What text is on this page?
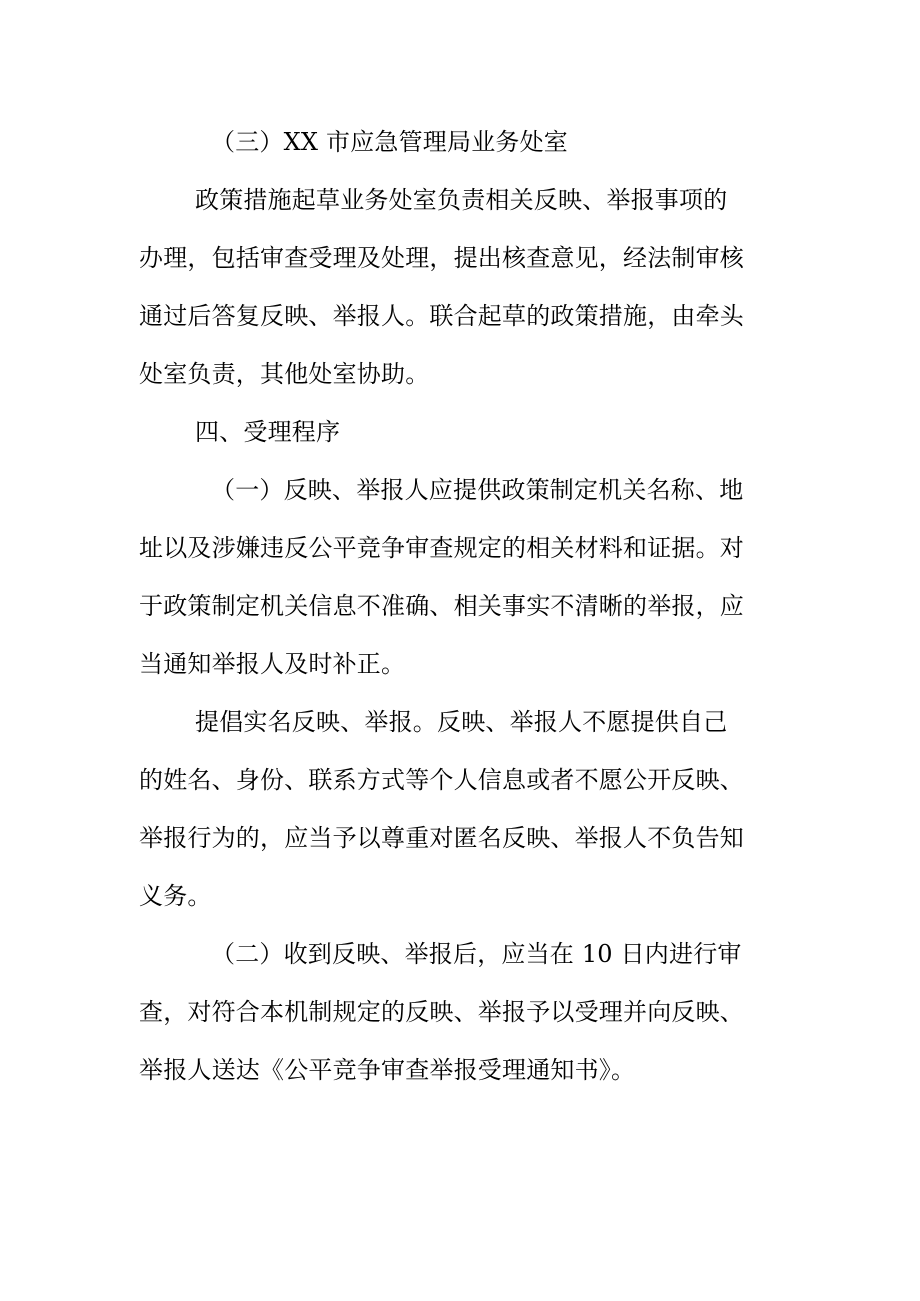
（三）XX 市应急管理局业务处室
政策措施起草业务处室负责相关反映、举报事项的
办理，包括审查受理及处理，提出核查意见，经法制审核
通过后答复反映、举报人。联合起草的政策措施，由牵头
处室负责，其他处室协助。
四、受理程序
（一）反映、举报人应提供政策制定机关名称、地
址以及涉嫌违反公平竞争审查规定的相关材料和证据。对
于政策制定机关信息不准确、相关事实不清晰的举报，应
当通知举报人及时补正。
提倡实名反映、举报。反映、举报人不愿提供自己
的姓名、身份、联系方式等个人信息或者不愿公开反映、
举报行为的，应当予以尊重对匿名反映、举报人不负告知
义务。
（二）收到反映、举报后，应当在 10 日内进行审
查，对符合本机制规定的反映、举报予以受理并向反映、
举报人送达《公平竞争审查举报受理通知书》。
